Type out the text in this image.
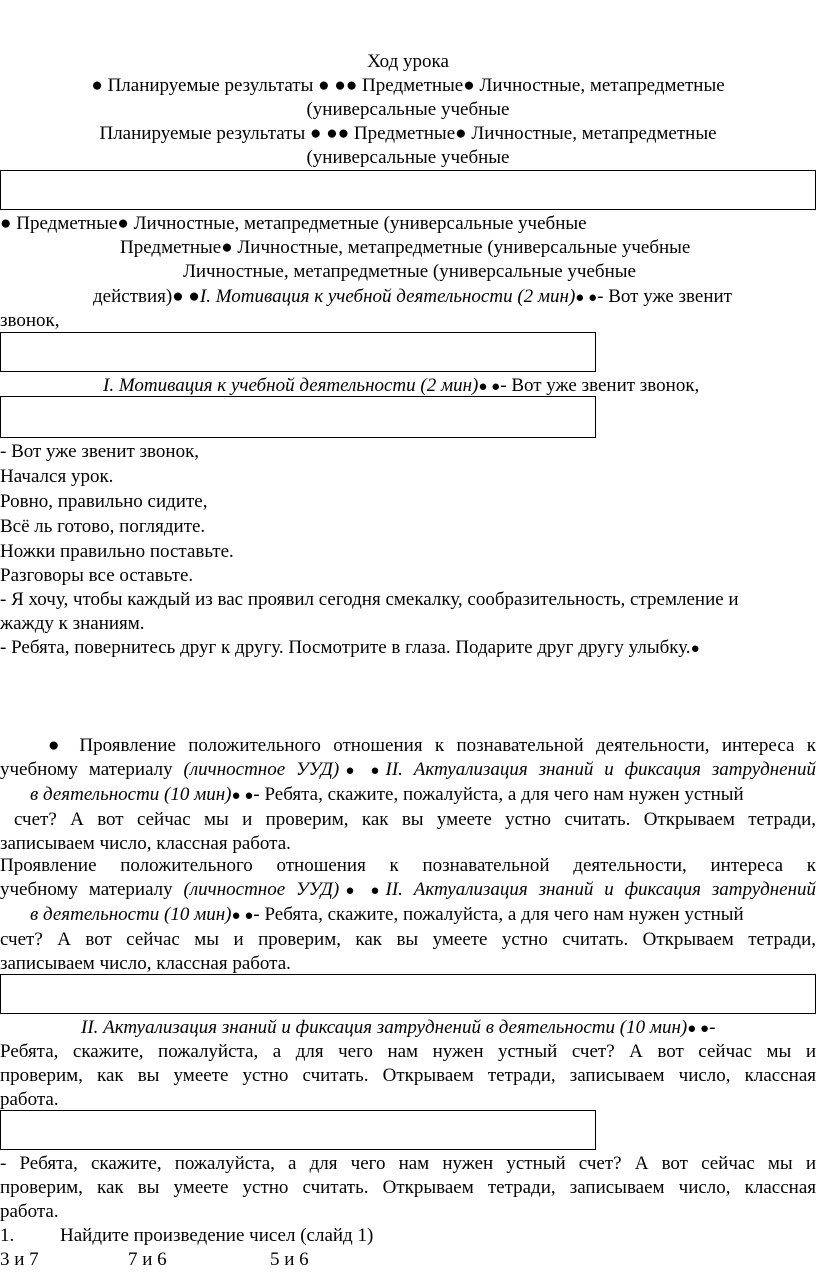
Ход урока
● Планируемые результаты ● ●● Предметные● Личностные, метапредметные
(универсальные учебные
Планируемые результаты ● ●● Предметные● Личностные, метапредметные
(универсальные учебные
● Предметные● Личностные, метапредметные (универсальные учебные
Предметные● Личностные, метапредметные (универсальные учебные
Личностные, метапредметные (универсальные учебные
действия)● ●I. Мотивация к учебной деятельности (2 мин)● ●- Вот уже звенит
звонок,
I. Мотивация к учебной деятельности (2 мин)● ●- Вот уже звенит звонок,
- Вот уже звенит звонок,
Начался урок.
Ровно, правильно сидите,
Всё ль готово, поглядите.
Ножки правильно поставьте.
Разговоры все оставьте.
- Я хочу, чтобы каждый из вас проявил сегодня смекалку, сообразительность, стремление и
жажду к знаниям.
- Ребята, повернитесь друг к другу. Посмотрите в глаза. Подарите друг другу улыбку.●
● Проявление положительного отношения к познавательной деятельности, интереса к
учебному материалу (личностное УУД)● ●II. Актуализация знаний и фиксация затруднений
в деятельности (10 мин)● ●- Ребята, скажите, пожалуйста, а для чего нам нужен устный
счет? А вот сейчас мы и проверим, как вы умеете устно считать. Открываем тетради,
записываем число, классная работа.
Проявление положительного отношения к познавательной деятельности, интереса к
учебному материалу (личностное УУД)● ●II. Актуализация знаний и фиксация затруднений
в деятельности (10 мин)● ●- Ребята, скажите, пожалуйста, а для чего нам нужен устный
счет? А вот сейчас мы и проверим, как вы умеете устно считать. Открываем тетради,
записываем число, классная работа.
II. Актуализация знаний и фиксация затруднений в деятельности (10 мин)● ●-
Ребята, скажите, пожалуйста, а для чего нам нужен устный счет? А вот сейчас мы и
проверим, как вы умеете устно считать. Открываем тетради, записываем число, классная
работа.
- Ребята, скажите, пожалуйста, а для чего нам нужен устный счет? А вот сейчас мы и
проверим, как вы умеете устно считать. Открываем тетради, записываем число, классная
работа.
1. Найдите произведение чисел (слайд 1)
3 и 7	7 и 6	5 и 6
